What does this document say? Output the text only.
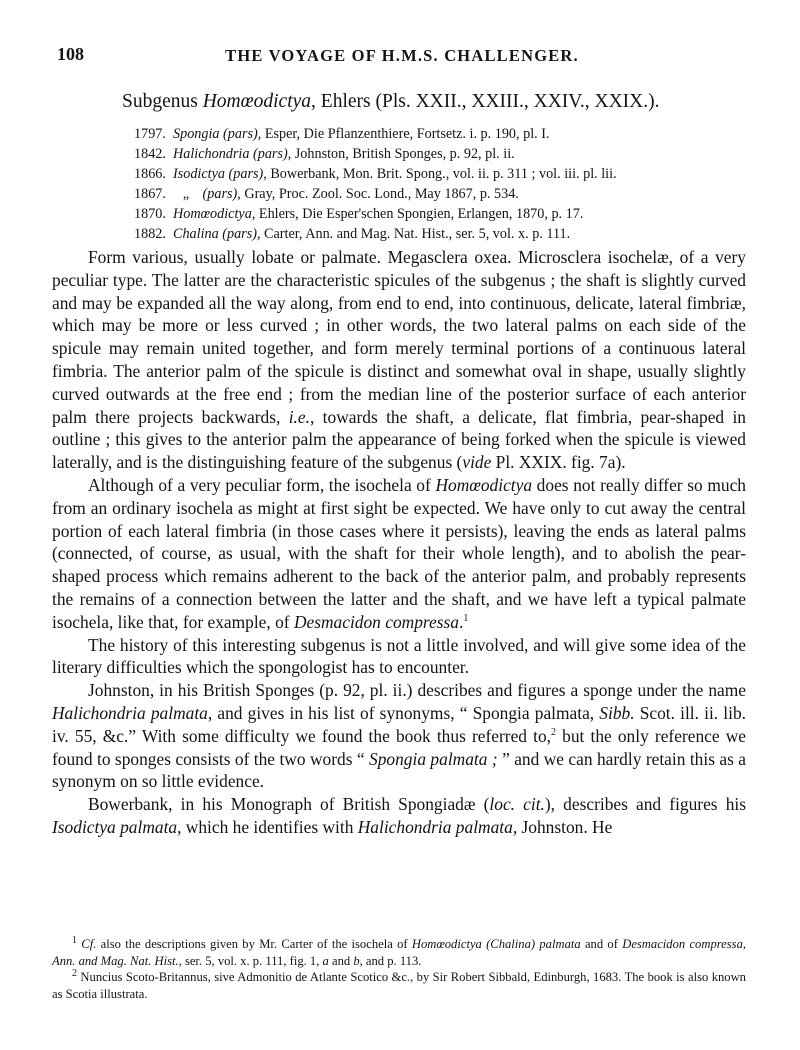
108	THE VOYAGE OF H.M.S. CHALLENGER.
Subgenus Homœodictya, Ehlers (Pls. XXII., XXIII., XXIV., XXIX.).
1797. Spongia (pars), Esper, Die Pflanzenthiere, Fortsetz. i. p. 190, pl. I.
1842. Halichondria (pars), Johnston, British Sponges, p. 92, pl. ii.
1866. Isodictya (pars), Bowerbank, Mon. Brit. Spong., vol. ii. p. 311 ; vol. iii. pl. lii.
1867. „ (pars), Gray, Proc. Zool. Soc. Lond., May 1867, p. 534.
1870. Homœodictya, Ehlers, Die Esper'schen Spongien, Erlangen, 1870, p. 17.
1882. Chalina (pars), Carter, Ann. and Mag. Nat. Hist., ser. 5, vol. x. p. 111.

Form various, usually lobate or palmate. Megasclera oxea. Microsclera isochelæ, of a very peculiar type. The latter are the characteristic spicules of the subgenus ; the shaft is slightly curved and may be expanded all the way along, from end to end, into continuous, delicate, lateral fimbriæ, which may be more or less curved ; in other words, the two lateral palms on each side of the spicule may remain united together, and form merely terminal portions of a continuous lateral fimbria. The anterior palm of the spicule is distinct and somewhat oval in shape, usually slightly curved outwards at the free end ; from the median line of the posterior surface of each anterior palm there projects backwards, i.e., towards the shaft, a delicate, flat fimbria, pear-shaped in outline ; this gives to the anterior palm the appearance of being forked when the spicule is viewed laterally, and is the distinguishing feature of the subgenus (vide Pl. XXIX. fig. 7a).

Although of a very peculiar form, the isochela of Homœodictya does not really differ so much from an ordinary isochela as might at first sight be expected. We have only to cut away the central portion of each lateral fimbria (in those cases where it persists), leaving the ends as lateral palms (connected, of course, as usual, with the shaft for their whole length), and to abolish the pear-shaped process which remains adherent to the back of the anterior palm, and probably represents the remains of a connection between the latter and the shaft, and we have left a typical palmate isochela, like that, for example, of Desmacidon compressa.$^1$

The history of this interesting subgenus is not a little involved, and will give some idea of the literary difficulties which the spongologist has to encounter.

Johnston, in his British Sponges (p. 92, pl. ii.) describes and figures a sponge under the name Halichondria palmata, and gives in his list of synonyms, “ Spongia palmata, Sibb. Scot. ill. ii. lib. iv. 55, &c.” With some difficulty we found the book thus referred to,$^2$ but the only reference we found to sponges consists of the two words “ Spongia palmata ; ” and we can hardly retain this as a synonym on so little evidence.

Bowerbank, in his Monograph of British Spongiadæ (loc. cit.), describes and figures his Isodictya palmata, which he identifies with Halichondria palmata, Johnston. He

$^1$ Cf. also the descriptions given by Mr. Carter of the isochela of Homœodictya (Chalina) palmata and of Desmacidon compressa, Ann. and Mag. Nat. Hist., ser. 5, vol. x. p. 111, fig. 1, a and b, and p. 113.

$^2$ Nuncius Scoto-Britannus, sive Admonitio de Atlante Scotico &c., by Sir Robert Sibbald, Edinburgh, 1683. The book is also known as Scotia illustrata.
